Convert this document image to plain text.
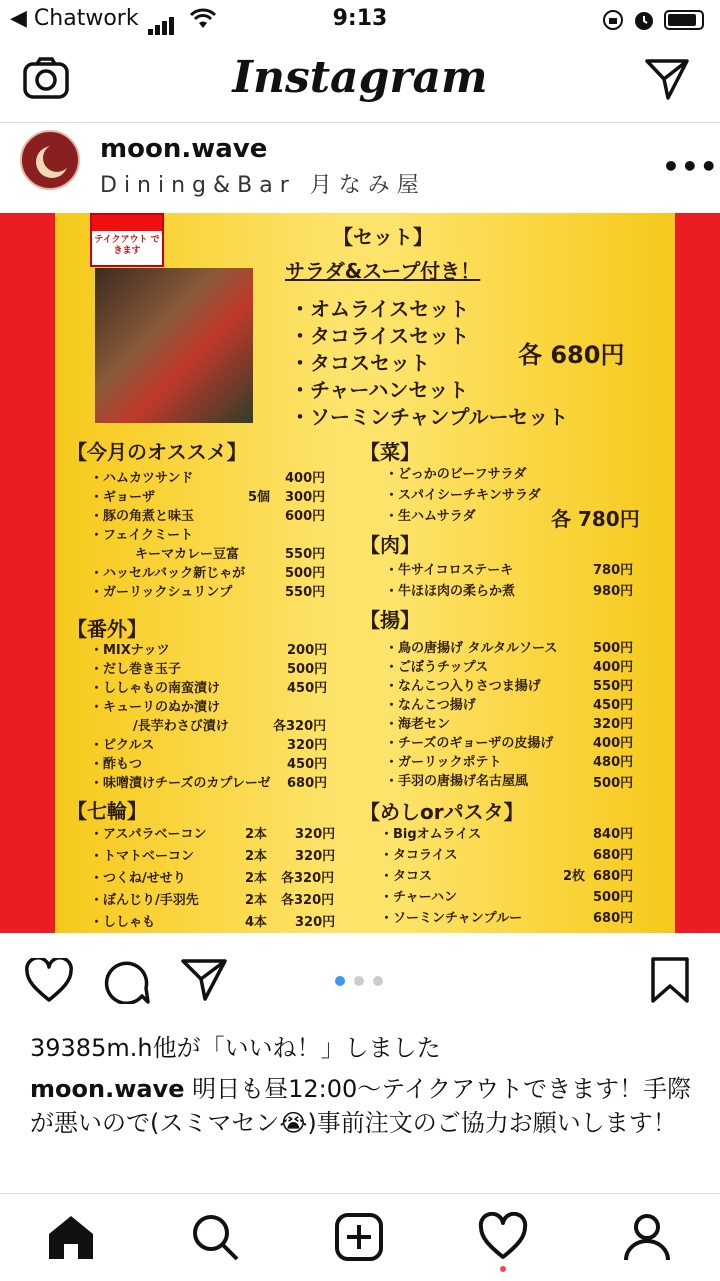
◀ Chatwork	9:13
Instagram
moon.wave
Dining&Bar 月なみ屋
•••
テイクアウト できます
【セット】
サラダ&スープ付き！
・オムライスセット
・タコライスセット
・タコスセット
・チャーハンセット
・ソーミンチャンプルーセット
各 680円
【今月のオススメ】
・ハムカツサンド	400円
・ギョーザ	5個 300円
・豚の角煮と味玉	600円
・フェイクミート
キーマカレー豆富	550円
・ハッセルバック新じゃが	500円
・ガーリックシュリンプ	550円
【番外】
・MIXナッツ	200円
・だし巻き玉子	500円
・ししゃもの南蛮漬け	450円
・キューリのぬか漬け
/長芋わさび漬け	各320円
・ピクルス	320円
・酢もつ	450円
・味噌漬けチーズのカプレーゼ 680円
【七輪】
・アスパラベーコン	2本 320円
・トマトベーコン	2本 320円
・つくね/せせり	2本 各320円
・ぼんじり/手羽先	2本 各320円
・ししゃも	4本 320円
【菜】
・どっかのビーフサラダ
・スパイシーチキンサラダ
・生ハムサラダ	各 780円
【肉】
・牛サイコロステーキ	780円
・牛ほほ肉の柔らか煮	980円
【揚】
・鳥の唐揚げ タルタルソース	500円
・ごぼうチップス	400円
・なんこつ入りさつま揚げ	550円
・なんこつ揚げ	450円
・海老セン	320円
・チーズのギョーザの皮揚げ	400円
・ガーリックポテト	480円
・手羽の唐揚げ名古屋風	500円
【めしorパスタ】
・Bigオムライス	840円
・タコライス	680円
・タコス	2枚 680円
・チャーハン	500円
・ソーミンチャンプルー	680円
39385m.h他が「いいね！」しました
moon.wave 明日も昼12:00〜テイクアウトできます！手際が悪いので(スミマセン😭)事前注文のご協力お願いします！
